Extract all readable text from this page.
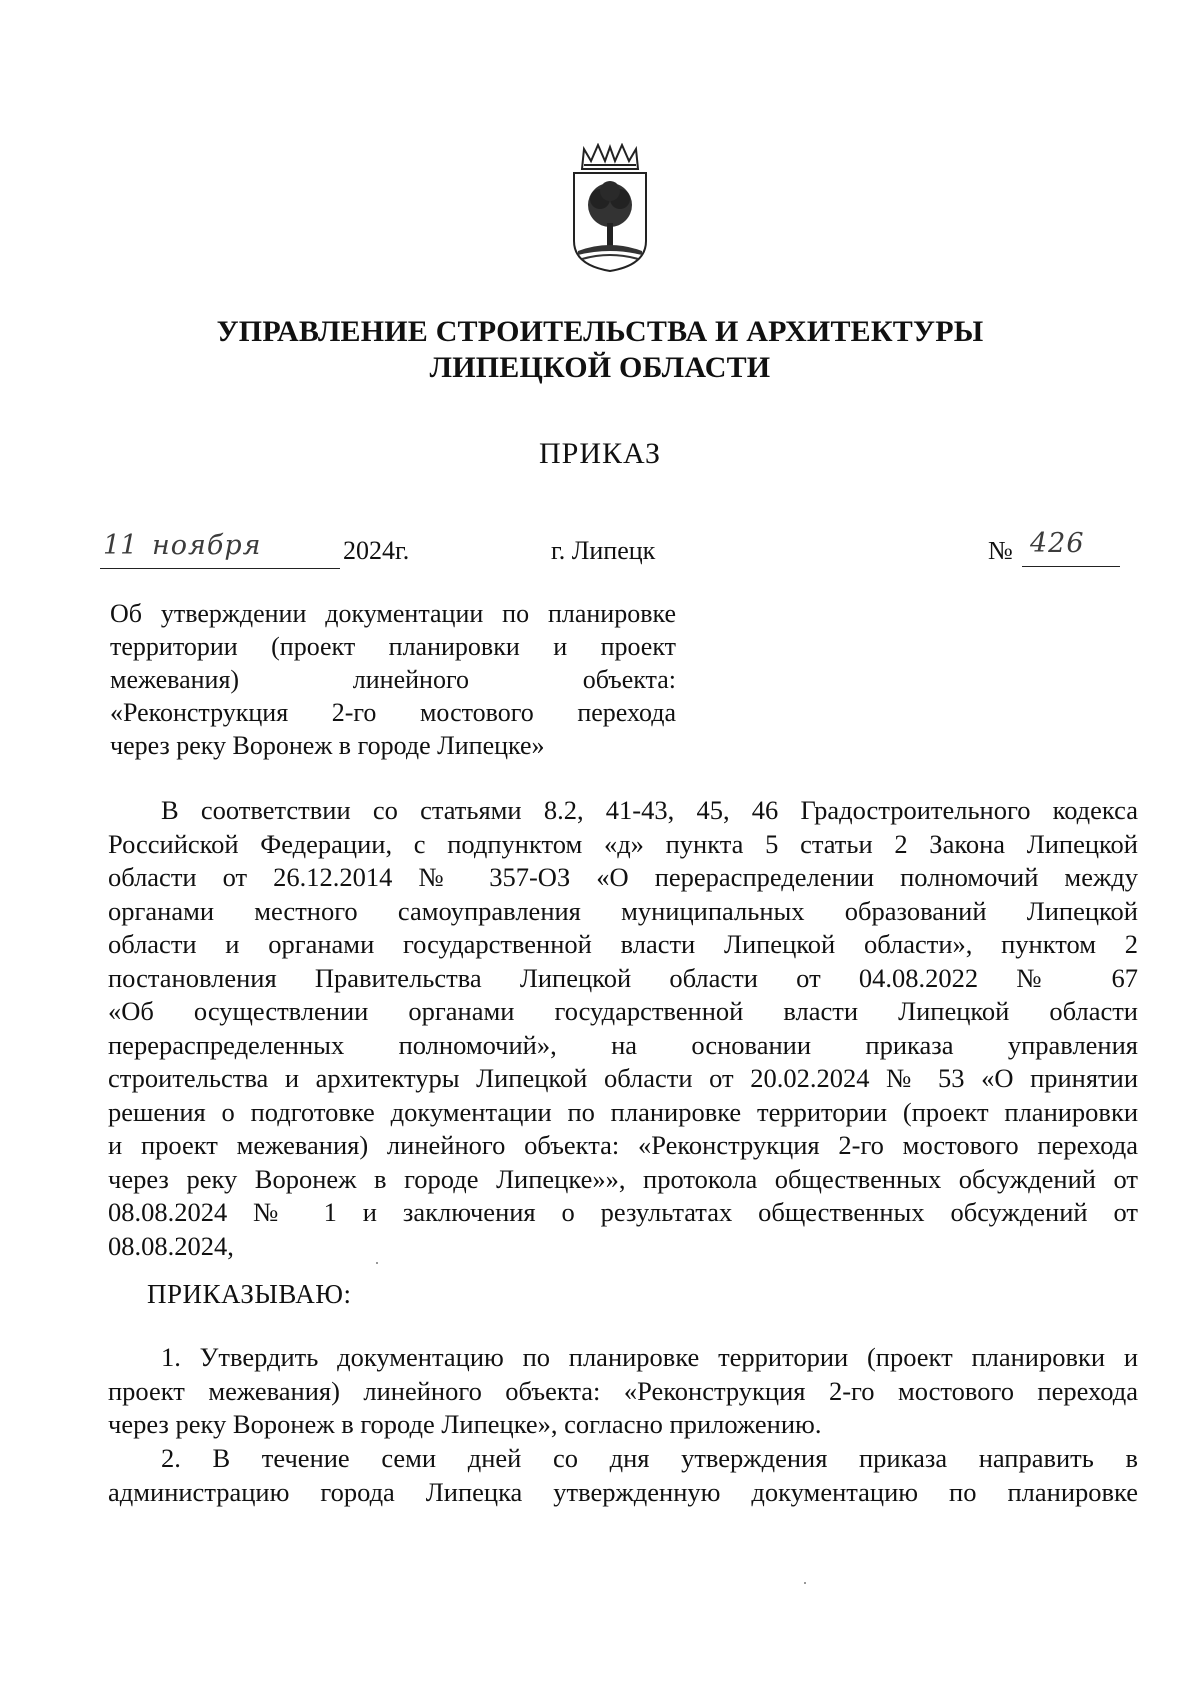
УПРАВЛЕНИЕ СТРОИТЕЛЬСТВА И АРХИТЕКТУРЫ
ЛИПЕЦКОЙ ОБЛАСТИ
ПРИКАЗ
11 ноября	2024г.	г. Липецк	№ 426
Об утверждении документации по планировке
территории (проект планировки и проект
межевания) линейного объекта:
«Реконструкция 2-го мостового перехода
через реку Воронеж в городе Липецке»
В соответствии со статьями 8.2, 41-43, 45, 46 Градостроительного кодекса
Российской Федерации, с подпунктом «д» пункта 5 статьи 2 Закона Липецкой
области от 26.12.2014 № 357-ОЗ «О перераспределении полномочий между
органами местного самоуправления муниципальных образований Липецкой
области и органами государственной власти Липецкой области», пунктом 2
постановления Правительства Липецкой области от 04.08.2022 № 67
«Об осуществлении органами государственной власти Липецкой области
перераспределенных полномочий», на основании приказа управления
строительства и архитектуры Липецкой области от 20.02.2024 № 53 «О принятии
решения о подготовке документации по планировке территории (проект планировки
и проект межевания) линейного объекта: «Реконструкция 2-го мостового перехода
через реку Воронеж в городе Липецке»», протокола общественных обсуждений от
08.08.2024 № 1 и заключения о результатах общественных обсуждений от
08.08.2024,
ПРИКАЗЫВАЮ:
1. Утвердить документацию по планировке территории (проект планировки и
проект межевания) линейного объекта: «Реконструкция 2-го мостового перехода
через реку Воронеж в городе Липецке», согласно приложению.
2. В течение семи дней со дня утверждения приказа направить в
администрацию города Липецка утвержденную документацию по планировке
